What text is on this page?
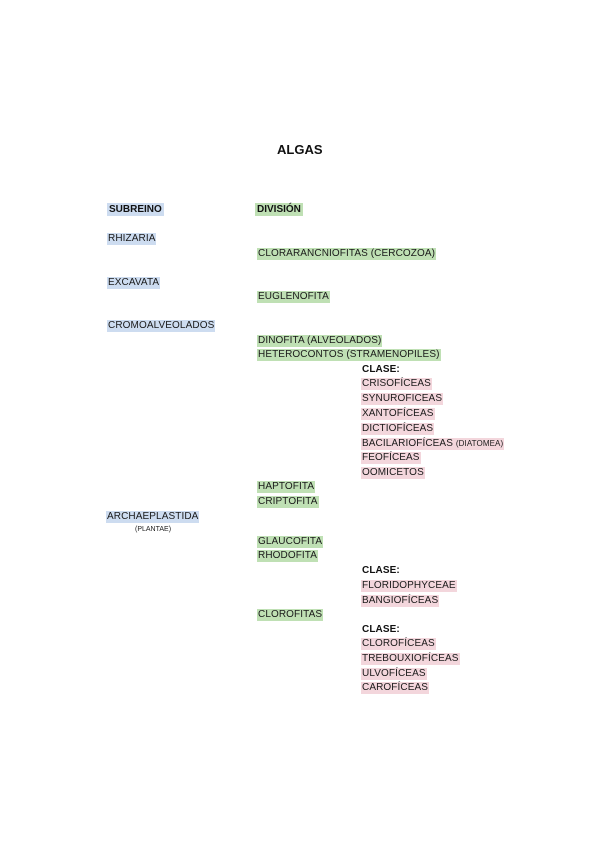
ALGAS
SUBREINO	DIVISIÓN
RHIZARIA
EXCAVATA
CROMOALVEOLADOS
ARCHAEPLASTIDA
(PLANTAE)
CLORARANCNIOFITAS (CERCOZOA)
EUGLENOFITA
DINOFITA (ALVEOLADOS)
HETEROCONTOS (STRAMENOPILES)
CLASE:
CRISOFÍCEAS
SYNUROFICEAS
XANTOFÍCEAS
DICTIOFÍCEAS
BACILARIOFÍCEAS (DIATOMEA)
FEOFÍCEAS
OOMICETOS
HAPTOFITA
CRIPTOFITA
GLAUCOFITA
RHODOFITA
CLASE:
FLORIDOPHYCEAE
BANGIOFÍCEAS
CLOROFITAS
CLASE:
CLOROFÍCEAS
TREBOUXIOFÍCEAS
ULVOFÍCEAS
CAROFÍCEAS
